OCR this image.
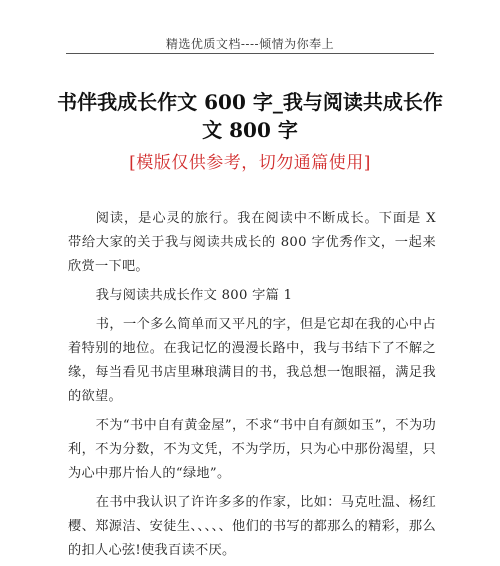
精选优质文档----倾情为你奉上
书伴我成长作文 600 字_我与阅读共成长作文 800 字
[模版仅供参考，切勿通篇使用]

阅读，是心灵的旅行。我在阅读中不断成长。下面是 X 带给大家的关于我与阅读共成长的 800 字优秀作文，一起来欣赏一下吧。

我与阅读共成长作文 800 字篇 1

书，一个多么简单而又平凡的字，但是它却在我的心中占着特别的地位。在我记忆的漫漫长路中，我与书结下了不解之缘，每当看见书店里琳琅满目的书，我总想一饱眼福，满足我的欲望。

不为“书中自有黄金屋”，不求“书中自有颜如玉”，不为功利，不为分数，不为文凭，不为学历，只为心中那份渴望，只为心中那片怡人的“绿地”。

在书中我认识了许许多多的作家，比如：马克吐温、杨红樱、郑源洁、安徒生、、、、、他们的书写的都那么的精彩，那么的扣人心弦!使我百读不厌。
